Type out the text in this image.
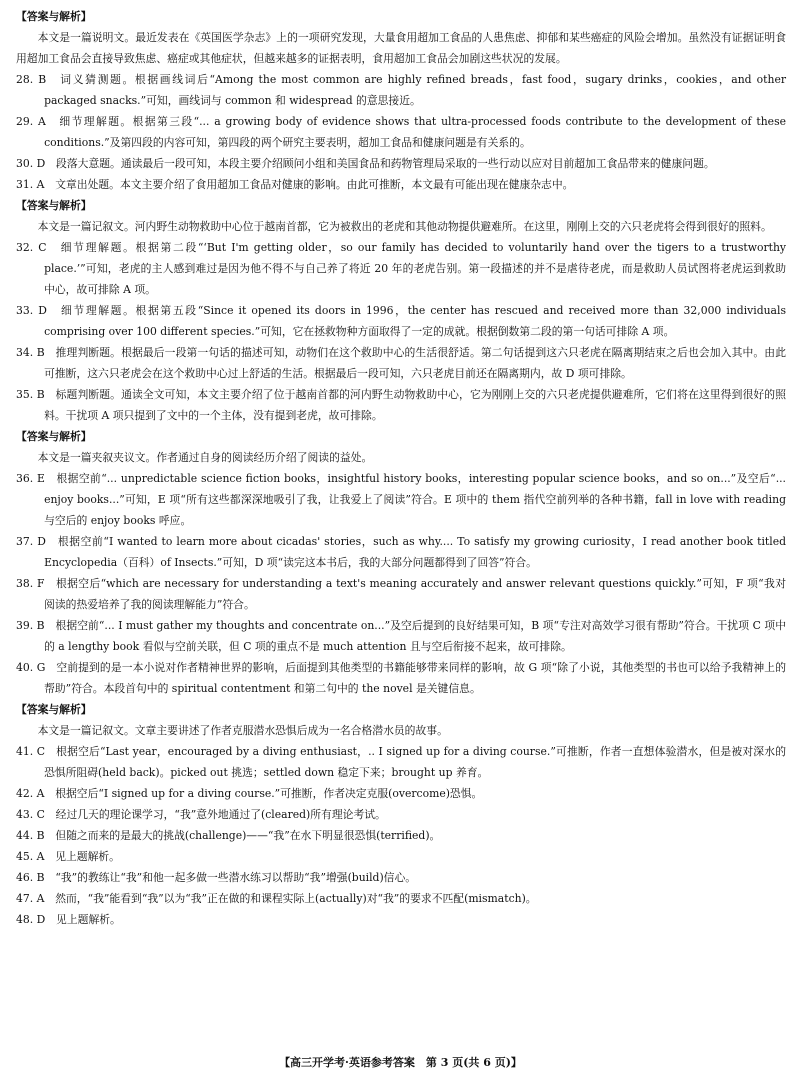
【答案与解析】

本文是一篇说明文。最近发表在《英国医学杂志》上的一项研究发现，大量食用超加工食品的人患焦虑、抑郁和某些癌症的风险会增加。虽然没有证据证明食用超加工食品会直接导致焦虑、癌症或其他症状，但越来越多的证据表明，食用超加工食品会加剧这些状况的发展。

28. B　词义猜测题。根据画线词后“Among the most common are highly refined breads，fast food，sugary drinks，cookies，and other packaged snacks.”可知，画线词与 common 和 widespread 的意思接近。

29. A　细节理解题。根据第三段“... a growing body of evidence shows that ultra-processed foods contribute to the development of these conditions.”及第四段的内容可知，第四段的两个研究主要表明，超加工食品和健康问题是有关系的。

30. D　段落大意题。通读最后一段可知，本段主要介绍顾问小组和美国食品和药物管理局采取的一些行动以应对目前超加工食品带来的健康问题。

31. A　文章出处题。本文主要介绍了食用超加工食品对健康的影响。由此可推断，本文最有可能出现在健康杂志中。

【答案与解析】

本文是一篇记叙文。河内野生动物救助中心位于越南首都，它为被救出的老虎和其他动物提供避难所。在这里，刚刚上交的六只老虎将会得到很好的照料。

32. C　细节理解题。根据第二段“‘But I'm getting older，so our family has decided to voluntarily hand over the tigers to a trustworthy place.’”可知，老虎的主人感到难过是因为他不得不与自己养了将近 20 年的老虎告别。第一段描述的并不是虐待老虎，而是救助人员试图将老虎运到救助中心，故可排除 A 项。

33. D　细节理解题。根据第五段“Since it opened its doors in 1996，the center has rescued and received more than 32,000 individuals comprising over 100 different species.”可知，它在拯救物种方面取得了一定的成就。根据倒数第二段的第一句话可排除 A 项。

34. B　推理判断题。根据最后一段第一句话的描述可知，动物们在这个救助中心的生活很舒适。第二句话提到这六只老虎在隔离期结束之后也会加入其中。由此可推断，这六只老虎会在这个救助中心过上舒适的生活。根据最后一段可知，六只老虎目前还在隔离期内，故 D 项可排除。

35. B　标题判断题。通读全文可知，本文主要介绍了位于越南首都的河内野生动物救助中心，它为刚刚上交的六只老虎提供避难所，它们将在这里得到很好的照料。干扰项 A 项只提到了文中的一个主体，没有提到老虎，故可排除。

【答案与解析】

本文是一篇夹叙夹议文。作者通过自身的阅读经历介绍了阅读的益处。

36. E　根据空前“... unpredictable science fiction books，insightful history books，interesting popular science books，and so on...”及空后“... enjoy books...”可知，E 项“所有这些都深深地吸引了我，让我爱上了阅读”符合。E 项中的 them 指代空前列举的各种书籍，fall in love with reading 与空后的 enjoy books 呼应。

37. D　根据空前“I wanted to learn more about cicadas' stories，such as why.... To satisfy my growing curiosity，I read another book titled Encyclopedia（百科）of Insects.”可知，D 项“读完这本书后，我的大部分问题都得到了回答”符合。

38. F　根据空后“which are necessary for understanding a text's meaning accurately and answer relevant questions quickly.”可知，F 项“我对阅读的热爱培养了我的阅读理解能力”符合。

39. B　根据空前“... I must gather my thoughts and concentrate on...”及空后提到的良好结果可知，B 项“专注对高效学习很有帮助”符合。干扰项 C 项中的 a lengthy book 看似与空前关联，但 C 项的重点不是 much attention 且与空后衔接不起来，故可排除。

40. G　空前提到的是一本小说对作者精神世界的影响，后面提到其他类型的书籍能够带来同样的影响，故 G 项“除了小说，其他类型的书也可以给予我精神上的帮助”符合。本段首句中的 spiritual contentment 和第二句中的 the novel 是关键信息。

【答案与解析】

本文是一篇记叙文。文章主要讲述了作者克服潜水恐惧后成为一名合格潜水员的故事。

41. C　根据空后“Last year，encouraged by a diving enthusiast，.. I signed up for a diving course.”可推断，作者一直想体验潜水，但是被对深水的恐惧所阻碍(held back)。picked out 挑选；settled down 稳定下来；brought up 养育。

42. A　根据空后“I signed up for a diving course.”可推断，作者决定克服(overcome)恐惧。

43. C　经过几天的理论课学习，“我”意外地通过了(cleared)所有理论考试。

44. B　但随之而来的是最大的挑战(challenge)——“我”在水下明显很恐惧(terrified)。

45. A　见上题解析。

46. B　“我”的教练让“我”和他一起多做一些潜水练习以帮助“我”增强(build)信心。

47. A　然而，“我”能看到“我”以为“我”正在做的和课程实际上(actually)对“我”的要求不匹配(mismatch)。

48. D　见上题解析。

【高三开学考·英语参考答案　第 3 页(共 6 页)】
